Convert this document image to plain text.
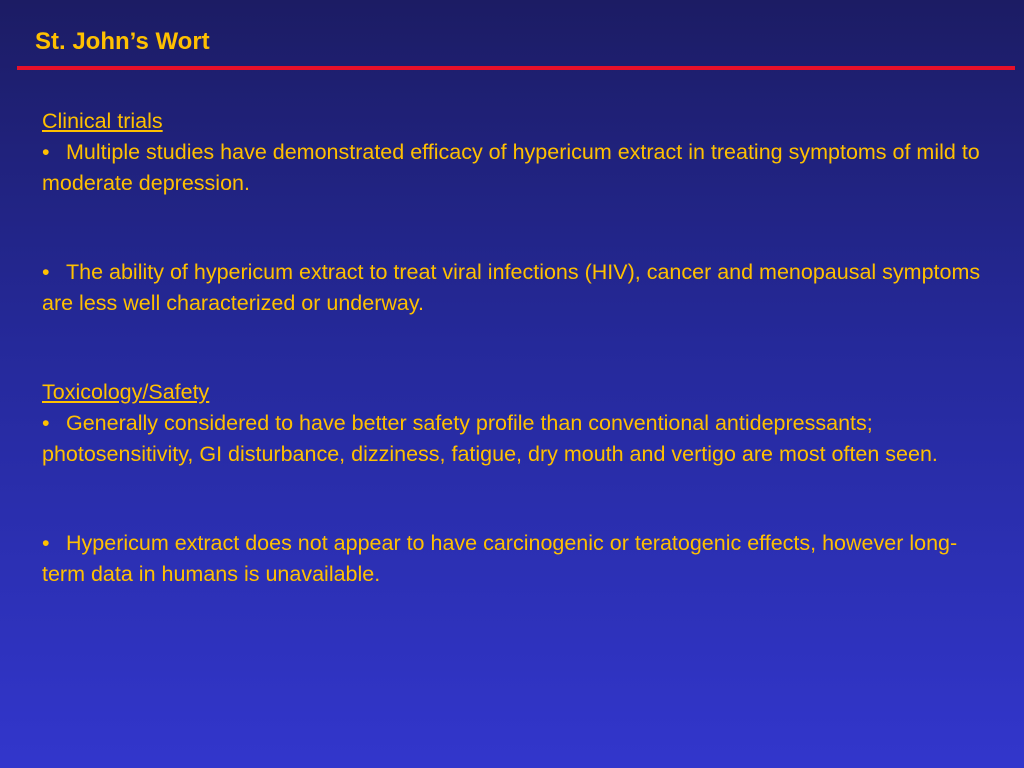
St. John’s Wort
Clinical trials

• Multiple studies have demonstrated efficacy of hypericum extract in treating symptoms of mild to moderate depression.

• The ability of hypericum extract to treat viral infections (HIV), cancer and menopausal symptoms are less well characterized or underway.

Toxicology/Safety

• Generally considered to have better safety profile than conventional antidepressants; photosensitivity, GI disturbance, dizziness, fatigue, dry mouth and vertigo are most often seen.

• Hypericum extract does not appear to have carcinogenic or teratogenic effects, however long-term data in humans is unavailable.
